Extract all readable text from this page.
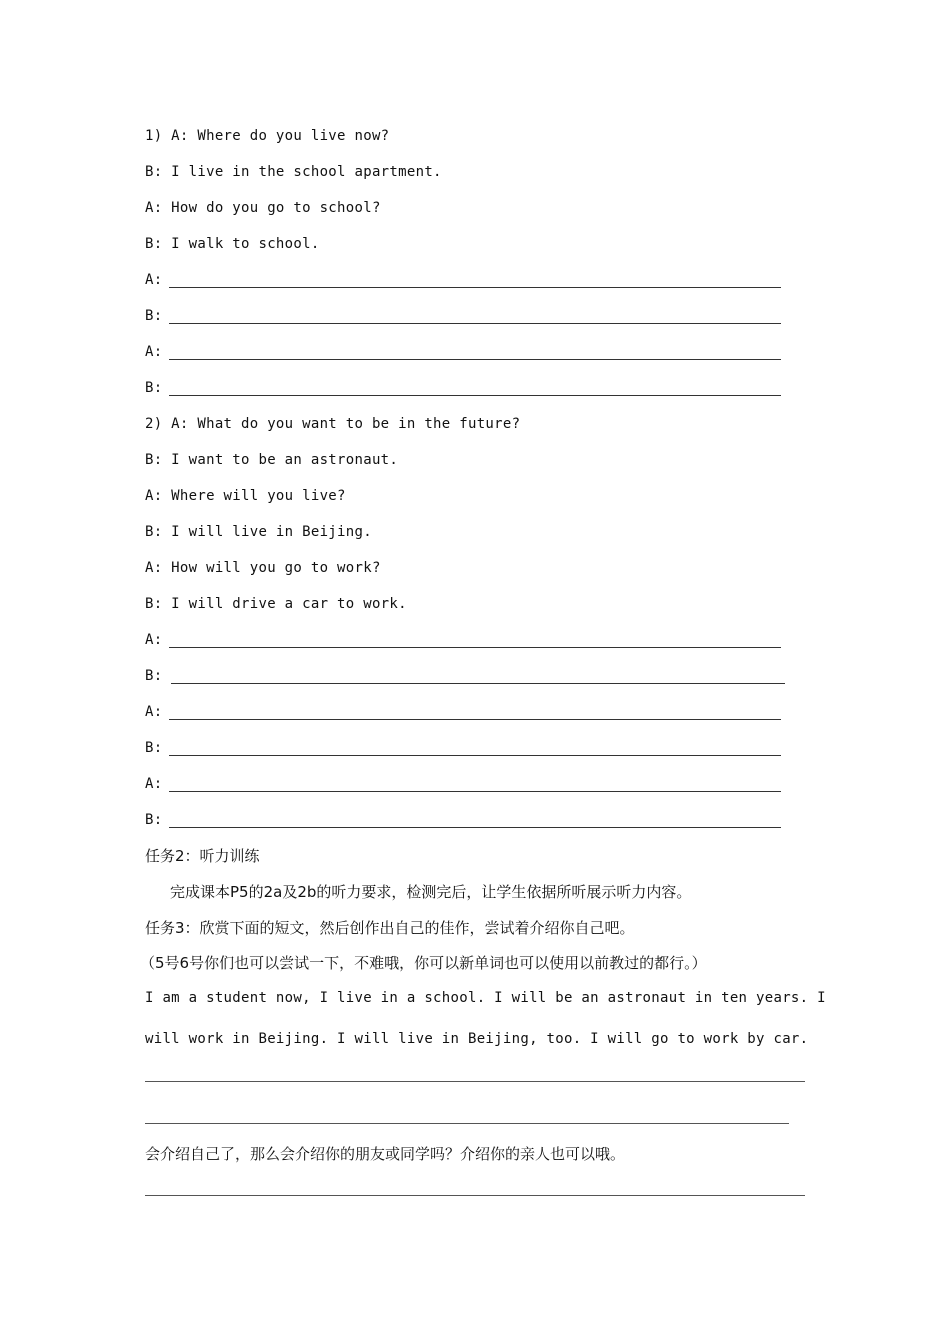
1) A: Where do you live now?
B: I live in the school apartment.
A: How do you go to school?
B: I walk to school.
A:
B:
A:
B:
2) A: What do you want to be in the future?
B: I want to be an astronaut.
A: Where will you live?
B: I will live in Beijing.
A: How will you go to work?
B: I will drive a car to work.
A:
B:
A:
B:
A:
B:
任务2：听力训练
完成课本P5的2a及2b的听力要求，检测完后，让学生依据所听展示听力内容。
任务3：欣赏下面的短文，然后创作出自己的佳作，尝试着介绍你自己吧。
（5号6号你们也可以尝试一下，不难哦，你可以新单词也可以使用以前教过的都行。）
I am a student now, I live in a school. I will be an astronaut in ten years. I
will work in Beijing. I will live in Beijing, too. I will go to work by car.
会介绍自己了，那么会介绍你的朋友或同学吗？介绍你的亲人也可以哦。
